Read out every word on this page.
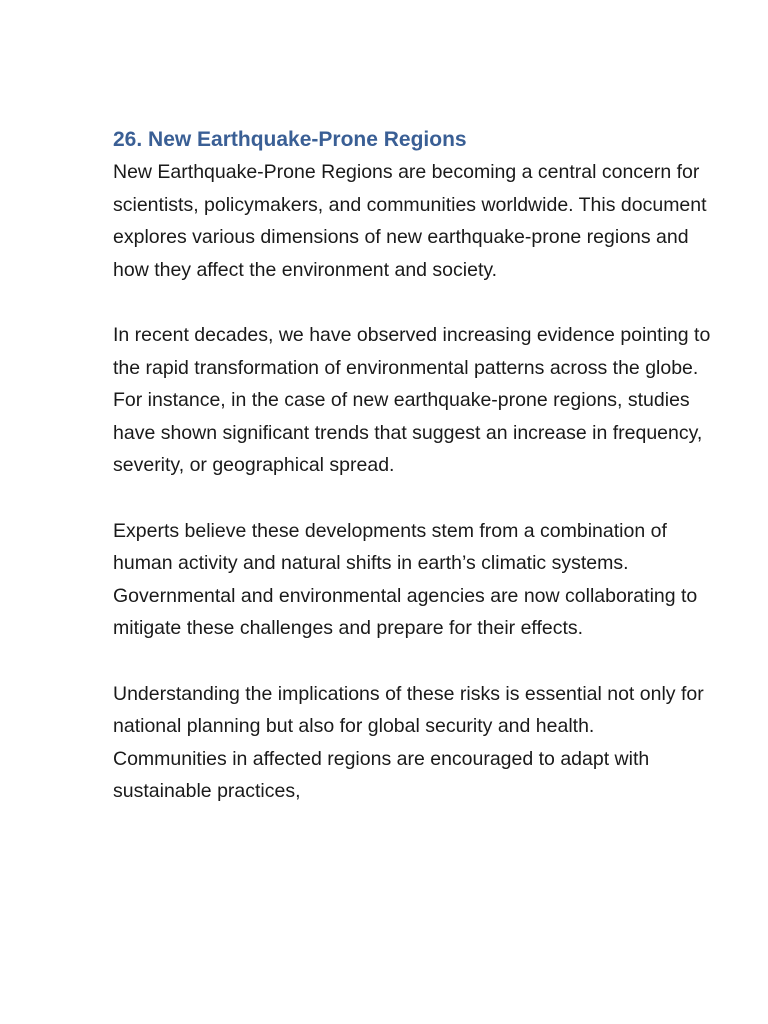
26. New Earthquake-Prone Regions

New Earthquake-Prone Regions are becoming a central concern for scientists, policymakers, and communities worldwide. This document explores various dimensions of new earthquake-prone regions and how they affect the environment and society.

In recent decades, we have observed increasing evidence pointing to the rapid transformation of environmental patterns across the globe. For instance, in the case of new earthquake-prone regions, studies have shown significant trends that suggest an increase in frequency, severity, or geographical spread.

Experts believe these developments stem from a combination of human activity and natural shifts in earth’s climatic systems. Governmental and environmental agencies are now collaborating to mitigate these challenges and prepare for their effects.

Understanding the implications of these risks is essential not only for national planning but also for global security and health. Communities in affected regions are encouraged to adapt with sustainable practices,
